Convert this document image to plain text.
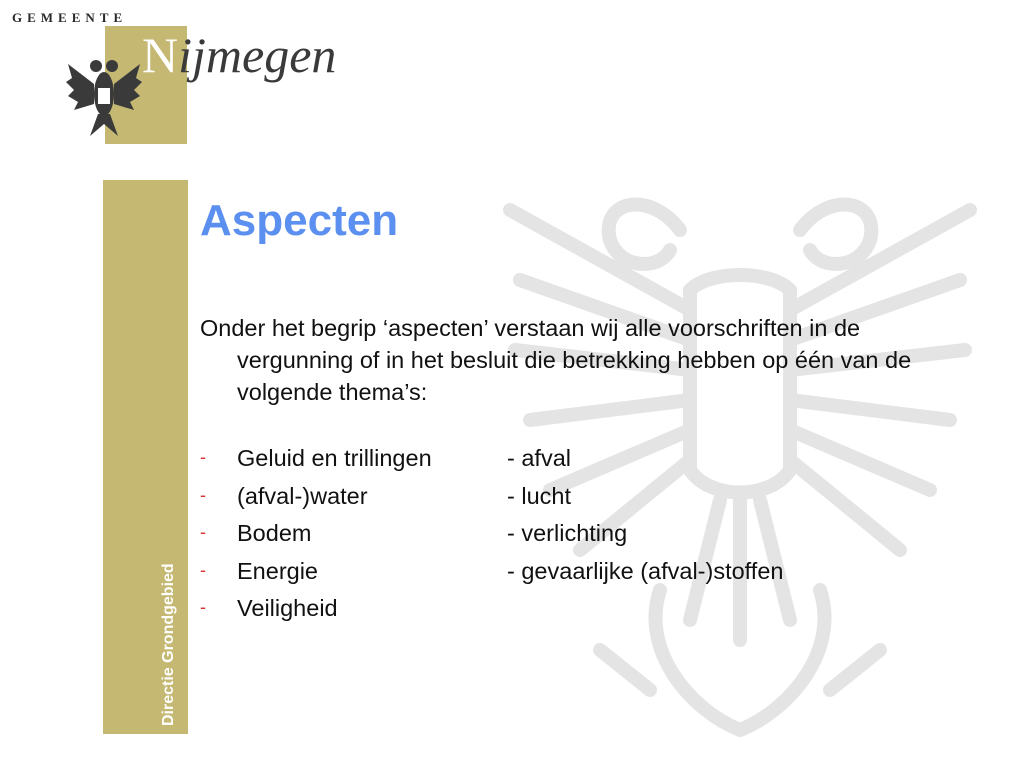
GEMEENTE
Nijmegen
Directie Grondgebied
Aspecten
Onder het begrip ‘aspecten’ verstaan wij alle voorschriften in de vergunning of in het besluit die betrekking hebben op één van de volgende thema’s:
- Geluid en trillingen	- afval
- (afval-)water	- lucht
- Bodem	- verlichting
- Energie	- gevaarlijke (afval-)stoffen
- Veiligheid
